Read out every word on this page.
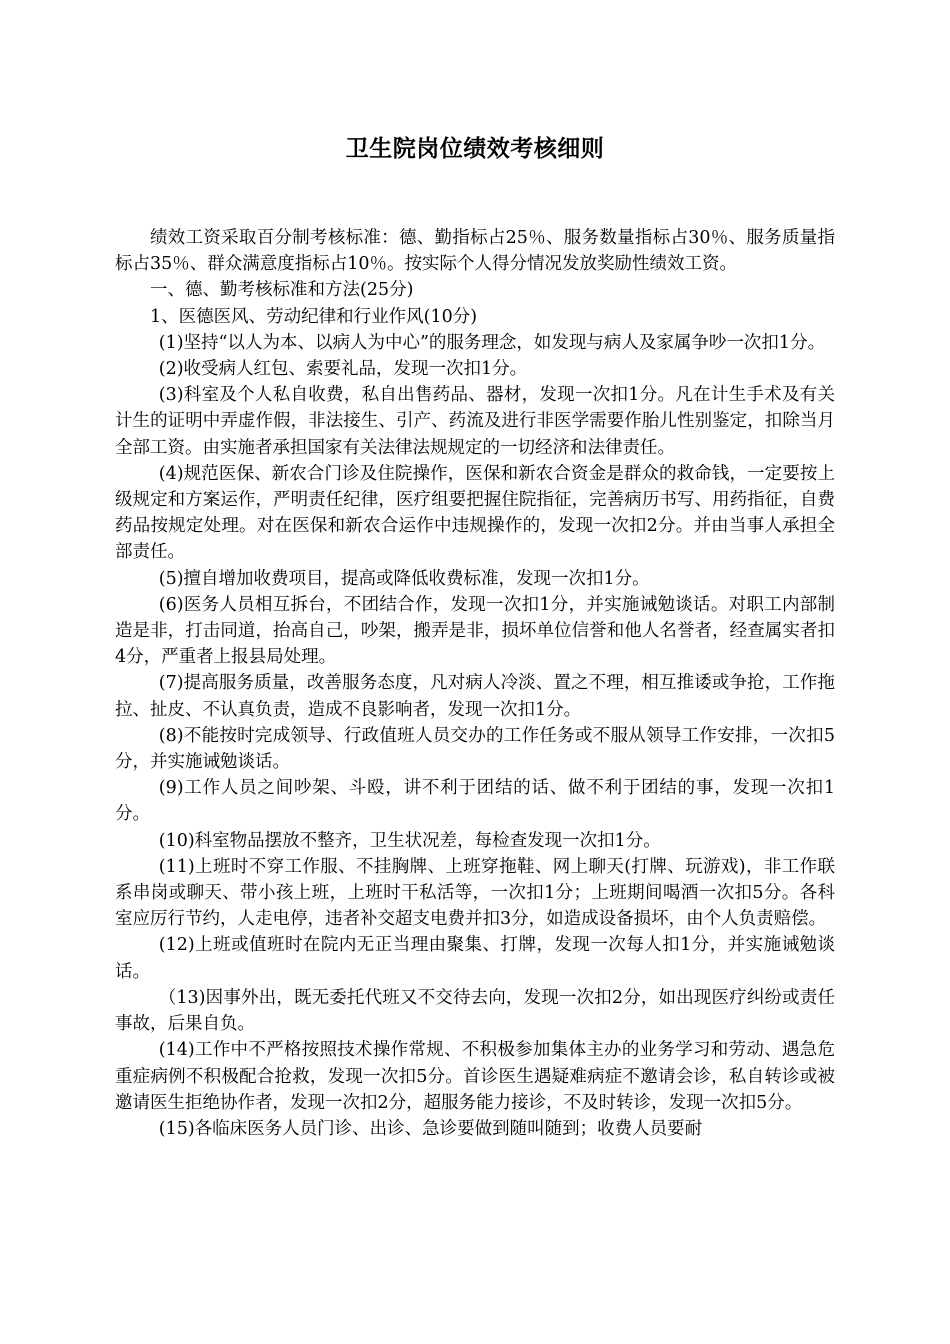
卫生院岗位绩效考核细则

绩效工资采取百分制考核标准：德、勤指标占25％、服务数量指标占30％、服务质量指标占35％、群众满意度指标占10％。按实际个人得分情况发放奖励性绩效工资。

一、德、勤考核标准和方法(25分)

1、医德医风、劳动纪律和行业作风(10分)

(1)坚持“以人为本、以病人为中心”的服务理念，如发现与病人及家属争吵一次扣1分。

(2)收受病人红包、索要礼品，发现一次扣1分。

(3)科室及个人私自收费，私自出售药品、器材，发现一次扣1分。凡在计生手术及有关计生的证明中弄虚作假，非法接生、引产、药流及进行非医学需要作胎儿性别鉴定，扣除当月全部工资。由实施者承担国家有关法律法规规定的一切经济和法律责任。

(4)规范医保、新农合门诊及住院操作，医保和新农合资金是群众的救命钱，一定要按上级规定和方案运作，严明责任纪律，医疗组要把握住院指征，完善病历书写、用药指征，自费药品按规定处理。对在医保和新农合运作中违规操作的，发现一次扣2分。并由当事人承担全部责任。

(5)擅自增加收费项目，提高或降低收费标准，发现一次扣1分。

(6)医务人员相互拆台，不团结合作，发现一次扣1分，并实施诫勉谈话。对职工内部制造是非，打击同道，抬高自己，吵架，搬弄是非，损坏单位信誉和他人名誉者，经查属实者扣4分，严重者上报县局处理。

(7)提高服务质量，改善服务态度，凡对病人冷淡、置之不理，相互推诿或争抢，工作拖拉、扯皮、不认真负责，造成不良影响者，发现一次扣1分。

(8)不能按时完成领导、行政值班人员交办的工作任务或不服从领导工作安排，一次扣5分，并实施诫勉谈话。

(9)工作人员之间吵架、斗殴，讲不利于团结的话、做不利于团结的事，发现一次扣1分。

(10)科室物品摆放不整齐，卫生状况差，每检查发现一次扣1分。

(11)上班时不穿工作服、不挂胸牌、上班穿拖鞋、网上聊天(打牌、玩游戏)，非工作联系串岗或聊天、带小孩上班，上班时干私活等，一次扣1分；上班期间喝酒一次扣5分。各科室应厉行节约，人走电停，违者补交超支电费并扣3分，如造成设备损坏，由个人负责赔偿。

(12)上班或值班时在院内无正当理由聚集、打牌，发现一次每人扣1分，并实施诫勉谈话。

（13)因事外出，既无委托代班又不交待去向，发现一次扣2分，如出现医疗纠纷或责任事故，后果自负。

(14)工作中不严格按照技术操作常规、不积极参加集体主办的业务学习和劳动、遇急危重症病例不积极配合抢救，发现一次扣5分。首诊医生遇疑难病症不邀请会诊，私自转诊或被邀请医生拒绝协作者，发现一次扣2分，超服务能力接诊，不及时转诊，发现一次扣5分。

(15)各临床医务人员门诊、出诊、急诊要做到随叫随到；收费人员要耐
